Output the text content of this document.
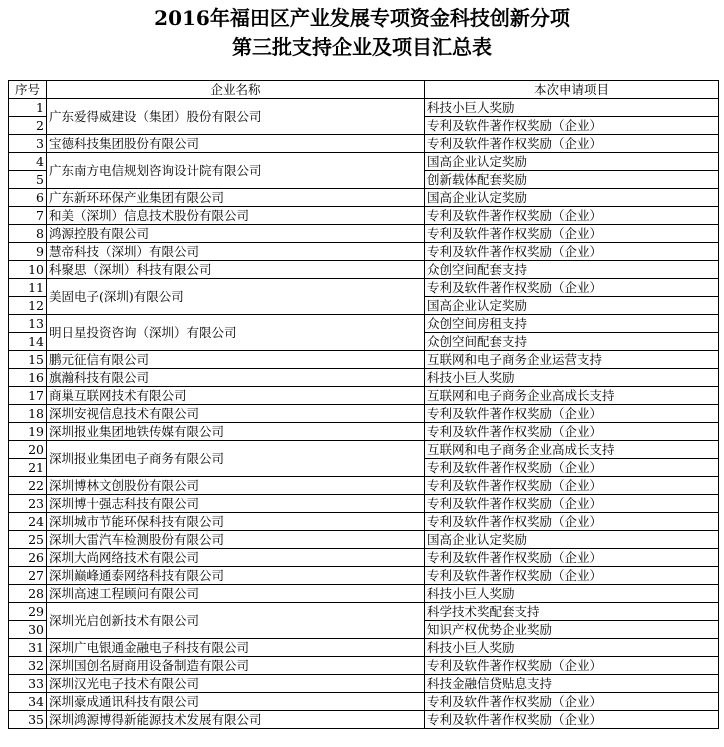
2016年福田区产业发展专项资金科技创新分项
第三批支持企业及项目汇总表
序号	企业名称	本次申请项目
1	广东爱得威建设（集团）股份有限公司	科技小巨人奖励
2		专利及软件著作权奖励（企业）
3	宝德科技集团股份有限公司	专利及软件著作权奖励（企业）
4	广东南方电信规划咨询设计院有限公司	国高企业认定奖励
5		创新载体配套奖励
6	广东新环环保产业集团有限公司	国高企业认定奖励
7	和美（深圳）信息技术股份有限公司	专利及软件著作权奖励（企业）
8	鸿源控股有限公司	专利及软件著作权奖励（企业）
9	慧帝科技（深圳）有限公司	专利及软件著作权奖励（企业）
10	科聚思（深圳）科技有限公司	众创空间配套支持
11	美固电子(深圳)有限公司	专利及软件著作权奖励（企业）
12		国高企业认定奖励
13	明日星投资咨询（深圳）有限公司	众创空间房租支持
14		众创空间配套支持
15	鹏元征信有限公司	互联网和电子商务企业运营支持
16	旗瀚科技有限公司	科技小巨人奖励
17	商巢互联网技术有限公司	互联网和电子商务企业高成长支持
18	深圳安视信息技术有限公司	专利及软件著作权奖励（企业）
19	深圳报业集团地铁传媒有限公司	专利及软件著作权奖励（企业）
20	深圳报业集团电子商务有限公司	互联网和电子商务企业高成长支持
21		专利及软件著作权奖励（企业）
22	深圳博林文创股份有限公司	专利及软件著作权奖励（企业）
23	深圳博十强志科技有限公司	专利及软件著作权奖励（企业）
24	深圳城市节能环保科技有限公司	专利及软件著作权奖励（企业）
25	深圳大雷汽车检测股份有限公司	国高企业认定奖励
26	深圳大尚网络技术有限公司	专利及软件著作权奖励（企业）
27	深圳巅峰通泰网络科技有限公司	专利及软件著作权奖励（企业）
28	深圳高速工程顾问有限公司	科技小巨人奖励
29	深圳光启创新技术有限公司	科学技术奖配套支持
30		知识产权优势企业奖励
31	深圳广电银通金融电子科技有限公司	科技小巨人奖励
32	深圳国创名厨商用设备制造有限公司	专利及软件著作权奖励（企业）
33	深圳汉光电子技术有限公司	科技金融信贷贴息支持
34	深圳豪成通讯科技有限公司	专利及软件著作权奖励（企业）
35	深圳鸿源博得新能源技术发展有限公司	专利及软件著作权奖励（企业）
